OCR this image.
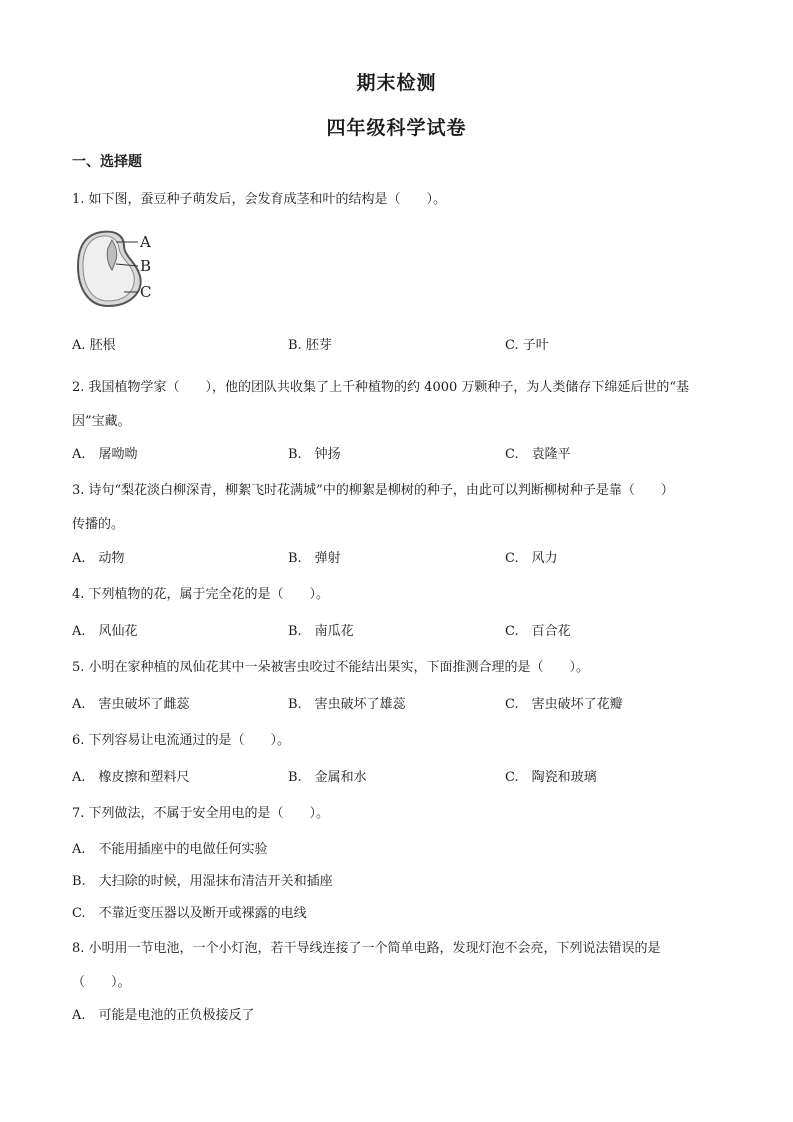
期末检测
四年级科学试卷
一、选择题
1. 如下图，蚕豆种子萌发后，会发育成茎和叶的结构是（　　）。
A
B
C
A. 胚根	B. 胚芽	C. 子叶
2. 我国植物学家（　　），他的团队共收集了上千种植物的约 4000 万颗种子，为人类储存下绵延后世的“基
因”宝藏。
A.　屠呦呦	B.　钟扬	C.　袁隆平
3. 诗句“梨花淡白柳深青，柳絮飞时花满城”中的柳絮是柳树的种子，由此可以判断柳树种子是靠（　　）
传播的。
A.　动物	B.　弹射	C.　风力
4. 下列植物的花，属于完全花的是（　　）。
A.　风仙花	B.　南瓜花	C.　百合花
5. 小明在家种植的凤仙花其中一朵被害虫咬过不能结出果实，下面推测合理的是（　　）。
A.　害虫破坏了雌蕊	B.　害虫破坏了雄蕊	C.　害虫破坏了花瓣
6. 下列容易让电流通过的是（　　）。
A.　橡皮擦和塑料尺	B.　金属和水	C.　陶瓷和玻璃
7. 下列做法，不属于安全用电的是（　　）。
A.　不能用插座中的电做任何实验
B.　大扫除的时候，用湿抹布清洁开关和插座
C.　不靠近变压器以及断开或裸露的电线
8. 小明用一节电池，一个小灯泡，若干导线连接了一个简单电路，发现灯泡不会亮，下列说法错误的是
（　　）。
A.　可能是电池的正负极接反了
